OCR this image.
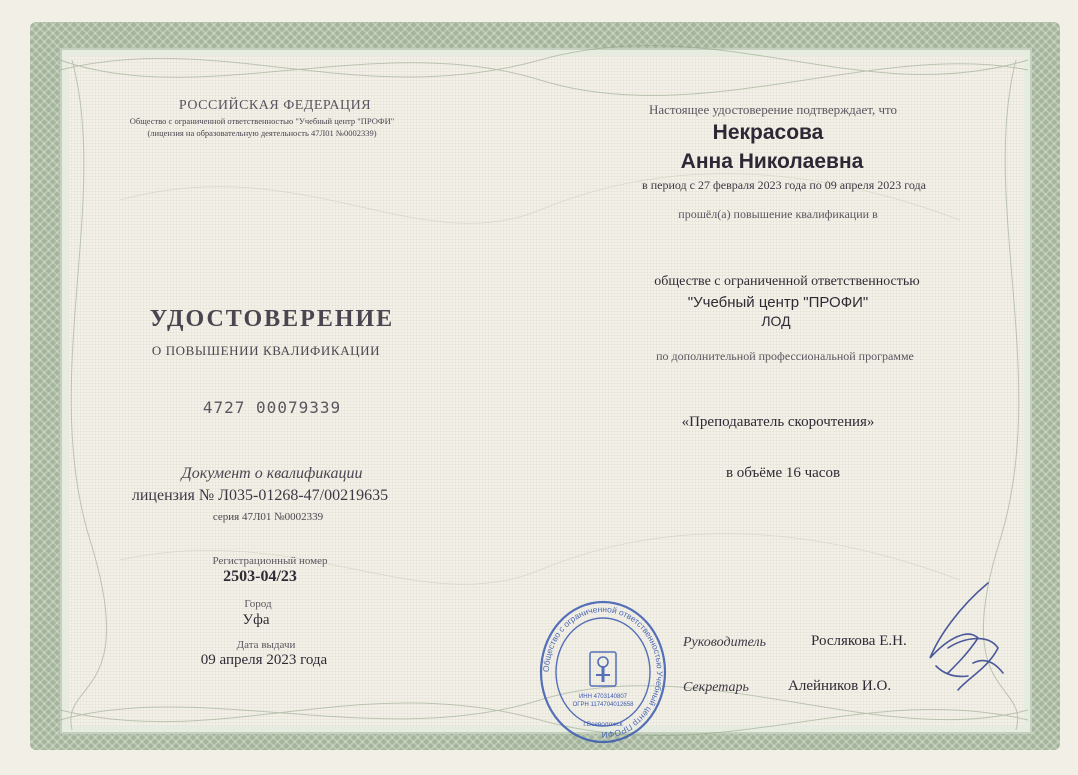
РОССИЙСКАЯ ФЕДЕРАЦИЯ
Общество с ограниченной ответственностью "Учебный центр "ПРОФИ"
(лицензия на образовательную деятельность 47Л01 №0002339)
УДОСТОВЕРЕНИЕ
О ПОВЫШЕНИИ КВАЛИФИКАЦИИ
4727 00079339
Документ о квалификации
лицензия № Л035-01268-47/00219635
серия 47Л01 №0002339
Регистрационный номер
2503-04/23
Город
Уфа
Дата выдачи
09 апреля 2023 года
Настоящее удостоверение подтверждает, что
Некрасова
Анна Николаевна
в период с 27 февраля 2023 года по 09 апреля 2023 года
прошёл(а) повышение квалификации в
обществе с ограниченной ответственностью
"Учебный центр "ПРОФИ"
ЛОД
по дополнительной профессиональной программе
«Преподаватель скорочтения»
в объёме 16 часов
Руководитель	Рослякова Е.Н.
Секретарь	Алейников И.О.
Общество с ограниченной ответственностью Учебный центр ПРОФИ
ИНН 4703140807
ОГРН 1174704012658
г.Всеволожск
